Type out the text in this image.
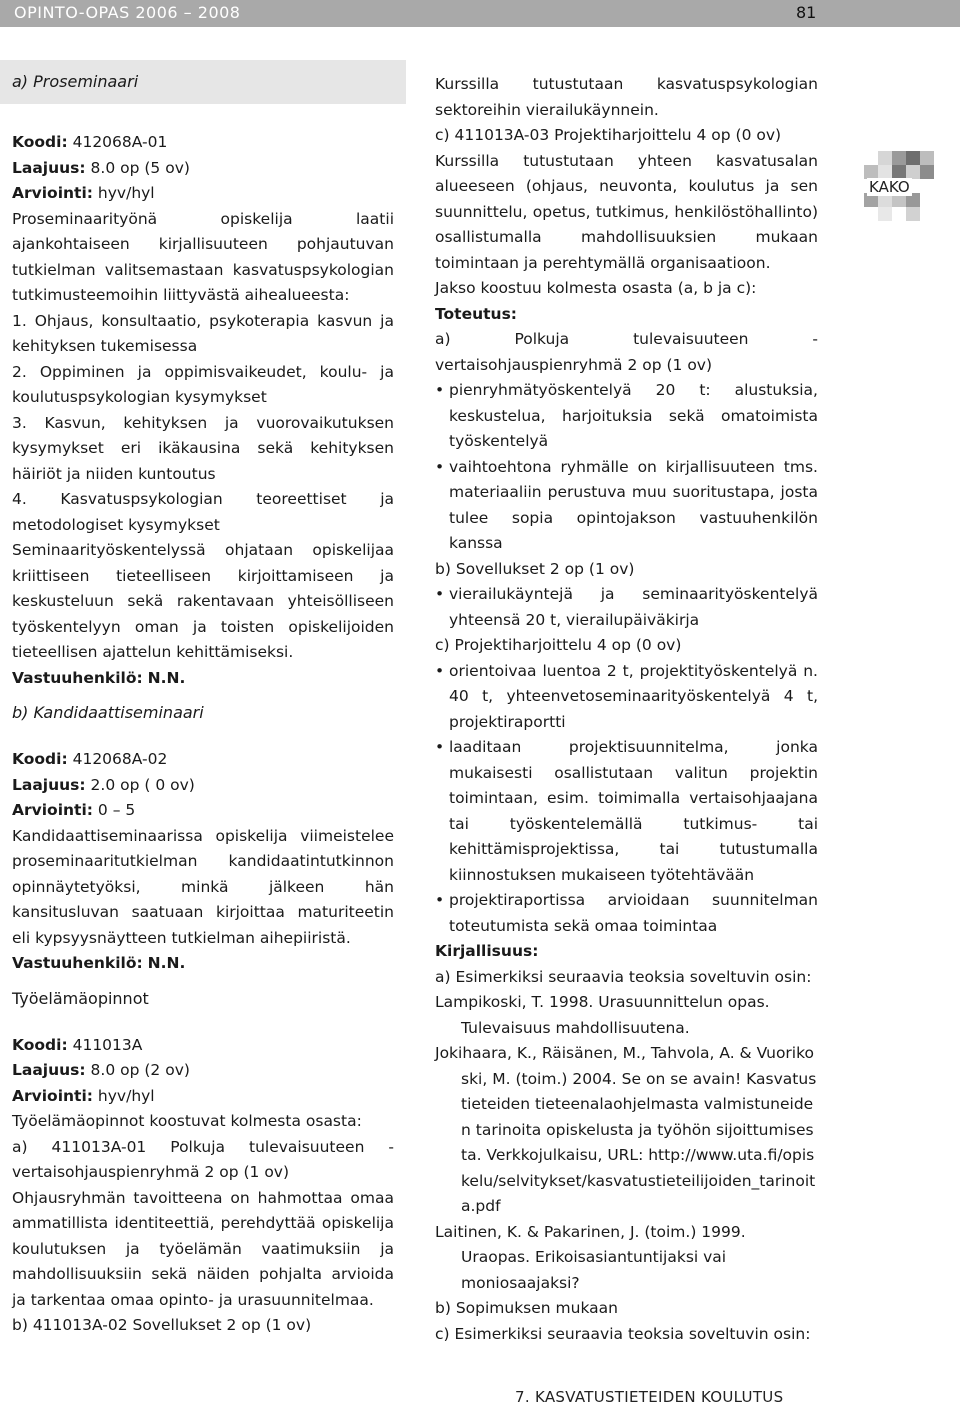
OPINTO-OPAS 2006 – 2008	81
KAKO
a) Proseminaari

Koodi: 412068A-01

Laajuus: 8.0 op (5 ov)

Arviointi: hyv/hyl

Proseminaarityönä opiskelija laatii ajankohtaiseen kirjallisuuteen pohjautuvan tutkielman valitsemastaan kasvatuspsykologian tutkimusteemoihin liittyvästä aihealueesta:

1. Ohjaus, konsultaatio, psykoterapia kasvun ja kehityksen tukemisessa

2. Oppiminen ja oppimisvaikeudet, koulu- ja koulutuspsykologian kysymykset

3. Kasvun, kehityksen ja vuorovaikutuksen kysymykset eri ikäkausina sekä kehityksen häiriöt ja niiden kuntoutus

4. Kasvatuspsykologian teoreettiset ja metodologiset kysymykset

Seminaarityöskentelyssä ohjataan opiskelijaa kriittiseen tieteelliseen kirjoittamiseen ja keskusteluun sekä rakentavaan yhteisölliseen työskentelyyn oman ja toisten opiskelijoiden tieteellisen ajattelun kehittämiseksi.

Vastuuhenkilö: N.N.

b) Kandidaattiseminaari

Koodi: 412068A-02

Laajuus: 2.0 op ( 0 ov)

Arviointi: 0 – 5

Kandidaattiseminaarissa opiskelija viimeistelee proseminaaritutkielman kandidaatintutkinnon opinnäytetyöksi, minkä jälkeen hän kansitusluvan saatuaan kirjoittaa maturiteetin eli kypsyysnäytteen tutkielman aihepiiristä.

Vastuuhenkilö: N.N.

Työelämäopinnot

Koodi: 411013A

Laajuus: 8.0 op (2 ov)

Arviointi: hyv/hyl

Työelämäopinnot koostuvat kolmesta osasta:

a) 411013A-01 Polkuja tulevaisuuteen -vertaisohjauspienryhmä 2 op (1 ov)

Ohjausryhmän tavoitteena on hahmottaa omaa ammatillista identiteettiä, perehdyttää opiskelija koulutuksen ja työelämän vaatimuksiin ja mahdollisuuksiin sekä näiden pohjalta arvioida ja tarkentaa omaa opinto- ja urasuunnitelmaa.

b) 411013A-02 Sovellukset 2 op (1 ov)

Kurssilla tutustutaan kasvatuspsykologian sektoreihin vierailukäynnein.

c) 411013A-03 Projektiharjoittelu 4 op (0 ov)

Kurssilla tutustutaan yhteen kasvatusalan alueeseen (ohjaus, neuvonta, koulutus ja sen suunnittelu, opetus, tutkimus, henkilöstöhallinto) osallistumalla mahdollisuuksien mukaan toimintaan ja perehtymällä organisaatioon.

Jakso koostuu kolmesta osasta (a, b ja c):

Toteutus:

a) Polkuja tulevaisuuteen -vertaisohjauspienryhmä 2 op (1 ov)

• pienryhmätyöskentelyä 20 t: alustuksia, keskustelua, harjoituksia sekä omatoimista työskentelyä

• vaihtoehtona ryhmälle on kirjallisuuteen tms. materiaaliin perustuva muu suoritustapa, josta tulee sopia opintojakson vastuuhenkilön kanssa

b) Sovellukset 2 op (1 ov)

• vierailukäyntejä ja seminaarityöskentelyä yhteensä 20 t, vierailupäiväkirja

c) Projektiharjoittelu 4 op (0 ov)

• orientoivaa luentoa 2 t, projektityöskentelyä n. 40 t, yhteenvetoseminaarityöskentelyä 4 t, projektiraportti

• laaditaan projektisuunnitelma, jonka mukaisesti osallistutaan valitun projektin toimintaan, esim. toimimalla vertaisohjaajana tai työskentelemällä tutkimus- tai kehittämisprojektissa, tai tutustumalla kiinnostuksen mukaiseen työtehtävään

• projektiraportissa arvioidaan suunnitelman toteutumista sekä omaa toimintaa

Kirjallisuus:

a) Esimerkiksi seuraavia teoksia soveltuvin osin:

Lampikoski, T. 1998. Urasuunnittelun opas. Tulevaisuus mahdollisuutena.

Jokihaara, K., Räisänen, M., Tahvola, A. & Vuorikoski, M. (toim.) 2004. Se on se avain! Kasvatustieteiden tieteenalaohjelmasta valmistuneiden tarinoita opiskelusta ja työhön sijoittumisesta. Verkkojulkaisu, URL: http://www.uta.fi/opiskelu/selvitykset/kasvatustieteilijoiden_tarinoita.pdf

Laitinen, K. & Pakarinen, J. (toim.) 1999. Uraopas. Erikoisasiantuntijaksi vai moniosaajaksi?

b) Sopimuksen mukaan

c) Esimerkiksi seuraavia teoksia soveltuvin osin:

7. KASVATUSTIETEIDEN KOULUTUS
